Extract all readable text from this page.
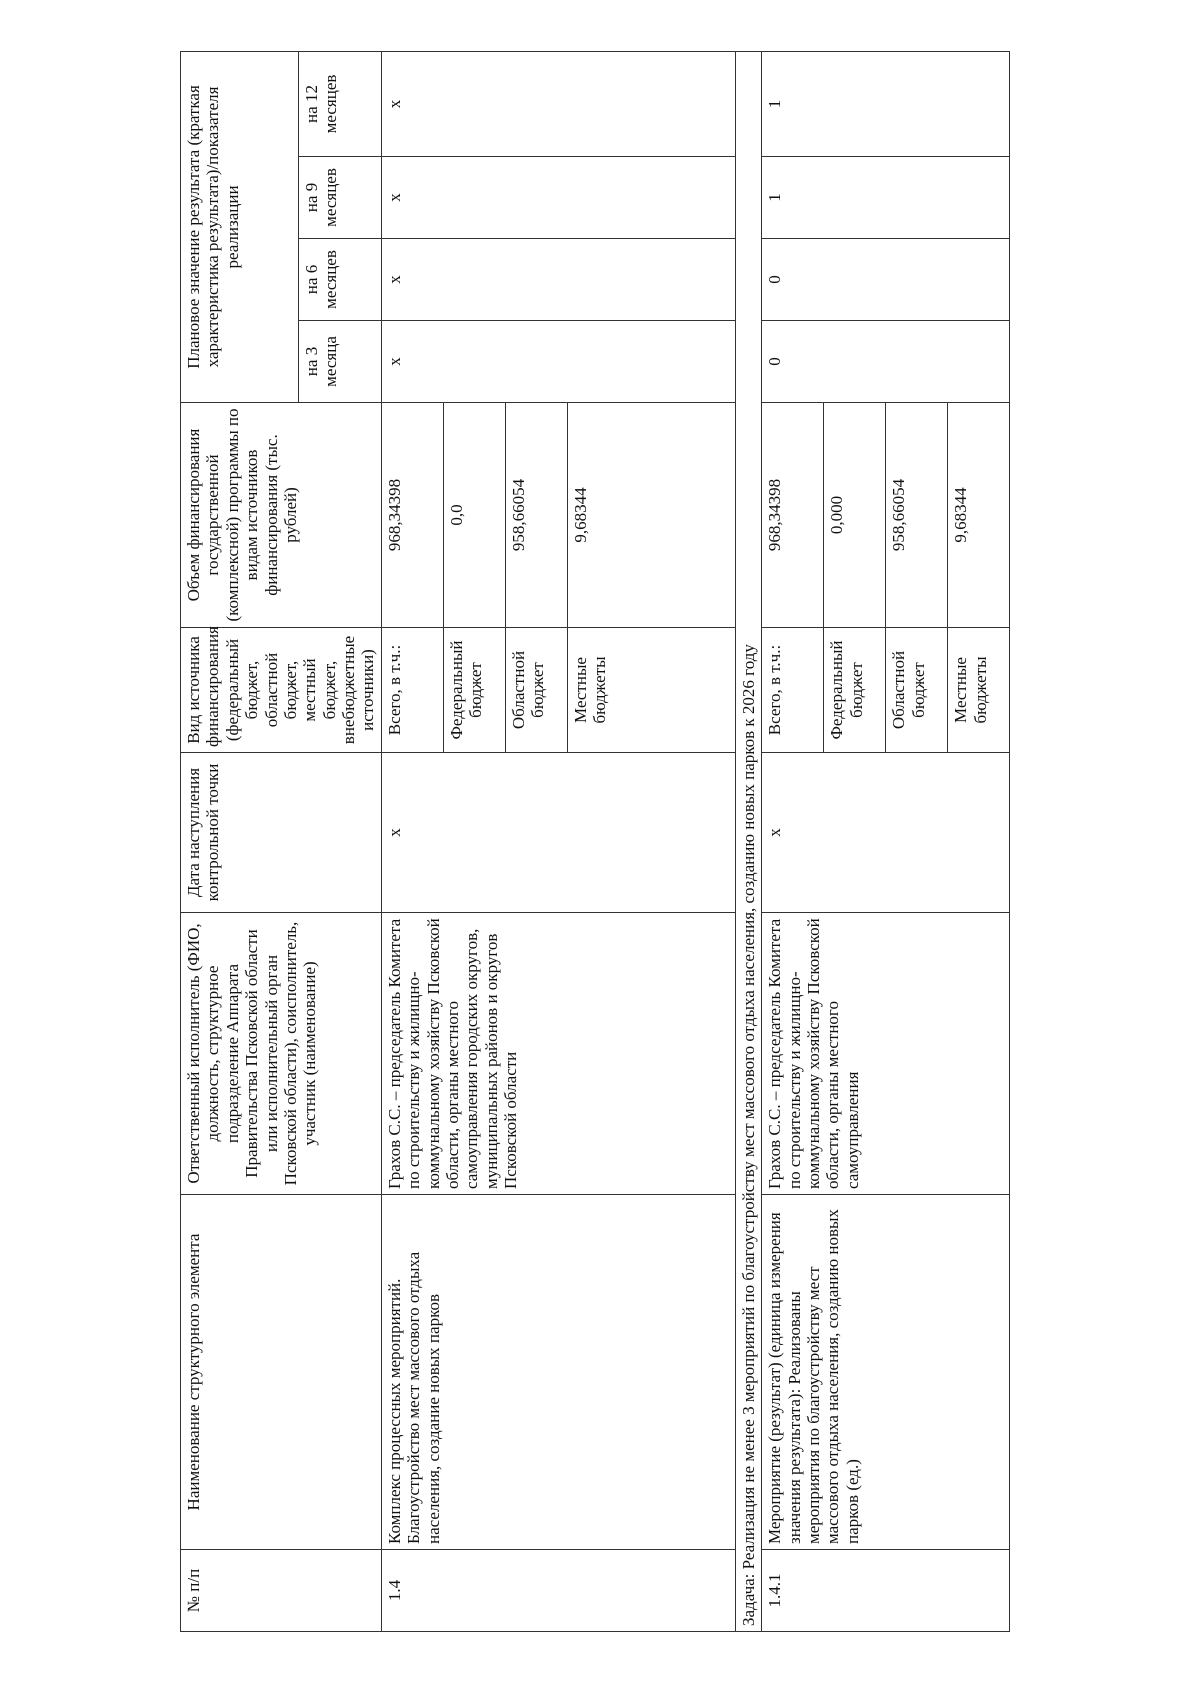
№ п/п	Наименование структурного элемента	Ответственный исполнитель (ФИО, должность, структурное подразделение Аппарата Правительства Псковской области или исполнительный орган Псковской области), соисполнитель, участник (наименование)	Дата наступления контрольной точки	Вид источника финансирования (федеральный бюджет, областной бюджет, местный бюджет, внебюджетные источники)	Объем финансирования государственной (комплексной) программы по видам источников финансирования (тыс. рублей)	Плановое значение результата (краткая характеристика результата)/показателя реализации			
						на 3 месяца	на 6 месяцев	на 9 месяцев	на 12 месяцев
1.4	Комплекс процессных мероприятий. Благоустройство мест массового отдыха населения, создание новых парков	Грахов С.С. – председатель Комитета по строительству и жилищно-коммунальному хозяйству Псковской области, органы местного самоуправления городских округов, муниципальных районов и округов Псковской области	х	Всего, в т.ч.:	968,34398	х	х	х	х
				Федеральный бюджет	0,0				
				Областной бюджет	958,66054				
				Местные бюджеты	9,68344				
Задача: Реализация не менее 3 мероприятий по благоустройству мест массового отдыха населения, созданию новых парков к 2026 году									
1.4.1	Мероприятие (результат) (единица измерения значения результата): Реализованы мероприятия по благоустройству мест массового отдыха населения, созданию новых парков (ед.)	Грахов С.С. – председатель Комитета по строительству и жилищно-коммунальному хозяйству Псковской области, органы местного самоуправления	х	Всего, в т.ч.:	968,34398	0	0	1	1
				Федеральный бюджет	0,000				
				Областной бюджет	958,66054				
				Местные бюджеты	9,68344				
